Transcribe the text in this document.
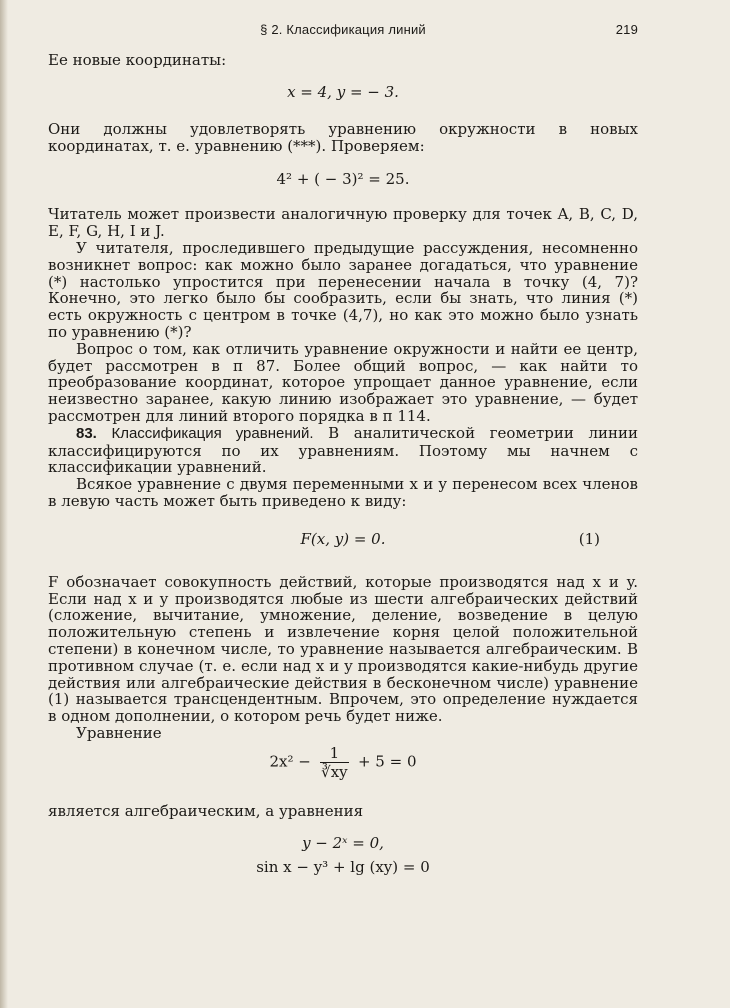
§ 2. Классификация линий	219

Ее новые координаты:

x = 4, y = − 3.

Они должны удовлетворять уравнению окружности в новых координатах, т. е. уравнению (***). Проверяем:

4² + ( − 3)² = 25.

Читатель может произвести аналогичную проверку для точек A, B, C, D, E, F, G, H, I и J.

У читателя, проследившего предыдущие рассуждения, несомненно возникнет вопрос: как можно было заранее догадаться, что уравнение (*) настолько упростится при перенесении начала в точку (4, 7)? Конечно, это легко было бы сообразить, если бы знать, что линия (*) есть окружность с центром в точке (4,7), но как это можно было узнать по уравнению (*)?

Вопрос о том, как отличить уравнение окружности и найти ее центр, будет рассмотрен в п 87. Более общий вопрос, — как найти то преобразование координат, которое упрощает данное уравнение, если неизвестно заранее, какую линию изображает это уравнение, — будет рассмотрен для линий второго порядка в п 114.

83. Классификация уравнений. В аналитической геометрии линии классифицируются по их уравнениям. Поэтому мы начнем с классификации уравнений.

Всякое уравнение с двумя переменными x и y перенесом всех членов в левую часть может быть приведено к виду:

F(x, y) = 0.	(1)

F обозначает совокупность действий, которые производятся над x и y. Если над x и y производятся любые из шести алгебраических действий (сложение, вычитание, умножение, деление, возведение в целую положительную степень и извлечение корня целой положительной степени) в конечном числе, то уравнение называется алгебраическим. В противном случае (т. е. если над x и y производятся какие-нибудь другие действия или алгебраические действия в бесконечном числе) уравнение (1) называется трансцендентным. Впрочем, это определение нуждается в одном дополнении, о котором речь будет ниже.

Уравнение

$2x^2 - \frac{1}{∛xy} + 5 = 0$

является алгебраическим, а уравнения

y − 2ˣ = 0,
sin x − y³ + lg (xy) = 0
